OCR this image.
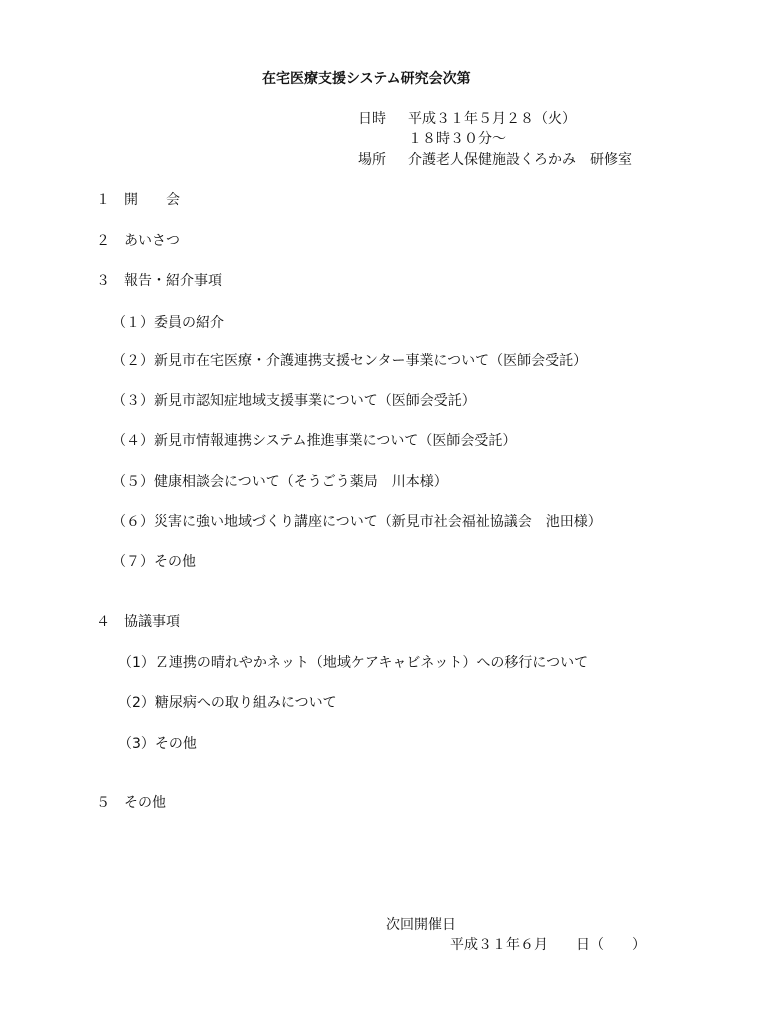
在宅医療支援システム研究会次第
日時 平成３１年５月２８（火）
１８時３０分～
場所 介護老人保健施設くろかみ　研修室
１ 開　　会
２ あいさつ
３ 報告・紹介事項
（１）委員の紹介
（２）新見市在宅医療・介護連携支援センター事業について（医師会受託）
（３）新見市認知症地域支援事業について（医師会受託）
（４）新見市情報連携システム推進事業について（医師会受託）
（５）健康相談会について（そうごう薬局　川本様）
（６）災害に強い地域づくり講座について（新見市社会福祉協議会　池田様）
（７）その他
４ 協議事項
（1）Ｚ連携の晴れやかネット（地域ケアキャビネット）への移行について
（2）糖尿病への取り組みについて
（3）その他
５ その他
次回開催日
平成３１年６月　　日（　　）
